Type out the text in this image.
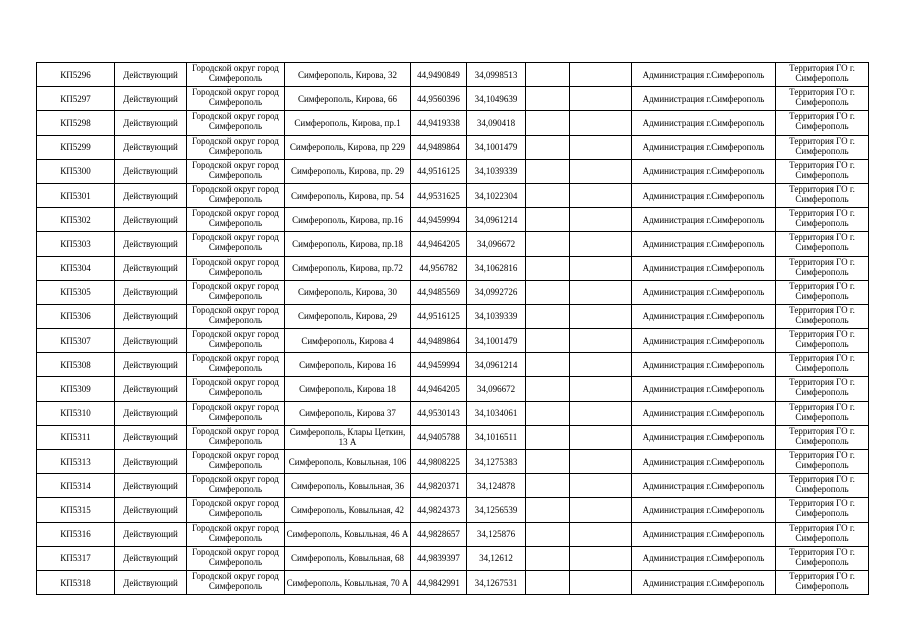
КП5296	Действующий	Городской округ город Симферополь	Симферополь, Кирова, 32	44,9490849	34,0998513			Администрация г.Симферополь	Территория ГО г. Симферополь
КП5297	Действующий	Городской округ город Симферополь	Симферополь, Кирова, 66	44,9560396	34,1049639			Администрация г.Симферополь	Территория ГО г. Симферополь
КП5298	Действующий	Городской округ город Симферополь	Симферополь, Кирова, пр.1	44,9419338	34,090418			Администрация г.Симферополь	Территория ГО г. Симферополь
КП5299	Действующий	Городской округ город Симферополь	Симферополь, Кирова, пр 229	44,9489864	34,1001479			Администрация г.Симферополь	Территория ГО г. Симферополь
КП5300	Действующий	Городской округ город Симферополь	Симферополь, Кирова, пр. 29	44,9516125	34,1039339			Администрация г.Симферополь	Территория ГО г. Симферополь
КП5301	Действующий	Городской округ город Симферополь	Симферополь, Кирова, пр. 54	44,9531625	34,1022304			Администрация г.Симферополь	Территория ГО г. Симферополь
КП5302	Действующий	Городской округ город Симферополь	Симферополь, Кирова, пр.16	44,9459994	34,0961214			Администрация г.Симферополь	Территория ГО г. Симферополь
КП5303	Действующий	Городской округ город Симферополь	Симферополь, Кирова, пр.18	44,9464205	34,096672			Администрация г.Симферополь	Территория ГО г. Симферополь
КП5304	Действующий	Городской округ город Симферополь	Симферополь, Кирова, пр.72	44,956782	34,1062816			Администрация г.Симферополь	Территория ГО г. Симферополь
КП5305	Действующий	Городской округ город Симферополь	Симферополь, Кирова, 30	44,9485569	34,0992726			Администрация г.Симферополь	Территория ГО г. Симферополь
КП5306	Действующий	Городской округ город Симферополь	Симферополь, Кирова, 29	44,9516125	34,1039339			Администрация г.Симферополь	Территория ГО г. Симферополь
КП5307	Действующий	Городской округ город Симферополь	Симферополь, Кирова 4	44,9489864	34,1001479			Администрация г.Симферополь	Территория ГО г. Симферополь
КП5308	Действующий	Городской округ город Симферополь	Симферополь, Кирова 16	44,9459994	34,0961214			Администрация г.Симферополь	Территория ГО г. Симферополь
КП5309	Действующий	Городской округ город Симферополь	Симферополь, Кирова 18	44,9464205	34,096672			Администрация г.Симферополь	Территория ГО г. Симферополь
КП5310	Действующий	Городской округ город Симферополь	Симферополь, Кирова 37	44,9530143	34,1034061			Администрация г.Симферополь	Территория ГО г. Симферополь
КП5311	Действующий	Городской округ город Симферополь	Симферополь, Клары Цеткин, 13 А	44,9405788	34,1016511			Администрация г.Симферополь	Территория ГО г. Симферополь
КП5313	Действующий	Городской округ город Симферополь	Симферополь, Ковыльная, 106	44,9808225	34,1275383			Администрация г.Симферополь	Территория ГО г. Симферополь
КП5314	Действующий	Городской округ город Симферополь	Симферополь, Ковыльная, 36	44,9820371	34,124878			Администрация г.Симферополь	Территория ГО г. Симферополь
КП5315	Действующий	Городской округ город Симферополь	Симферополь, Ковыльная, 42	44,9824373	34,1256539			Администрация г.Симферополь	Территория ГО г. Симферополь
КП5316	Действующий	Городской округ город Симферополь	Симферополь, Ковыльная, 46 А	44,9828657	34,125876			Администрация г.Симферополь	Территория ГО г. Симферополь
КП5317	Действующий	Городской округ город Симферополь	Симферополь, Ковыльная, 68	44,9839397	34,12612			Администрация г.Симферополь	Территория ГО г. Симферополь
КП5318	Действующий	Городской округ город Симферополь	Симферополь, Ковыльная, 70 А	44,9842991	34,1267531			Администрация г.Симферополь	Территория ГО г. Симферополь
